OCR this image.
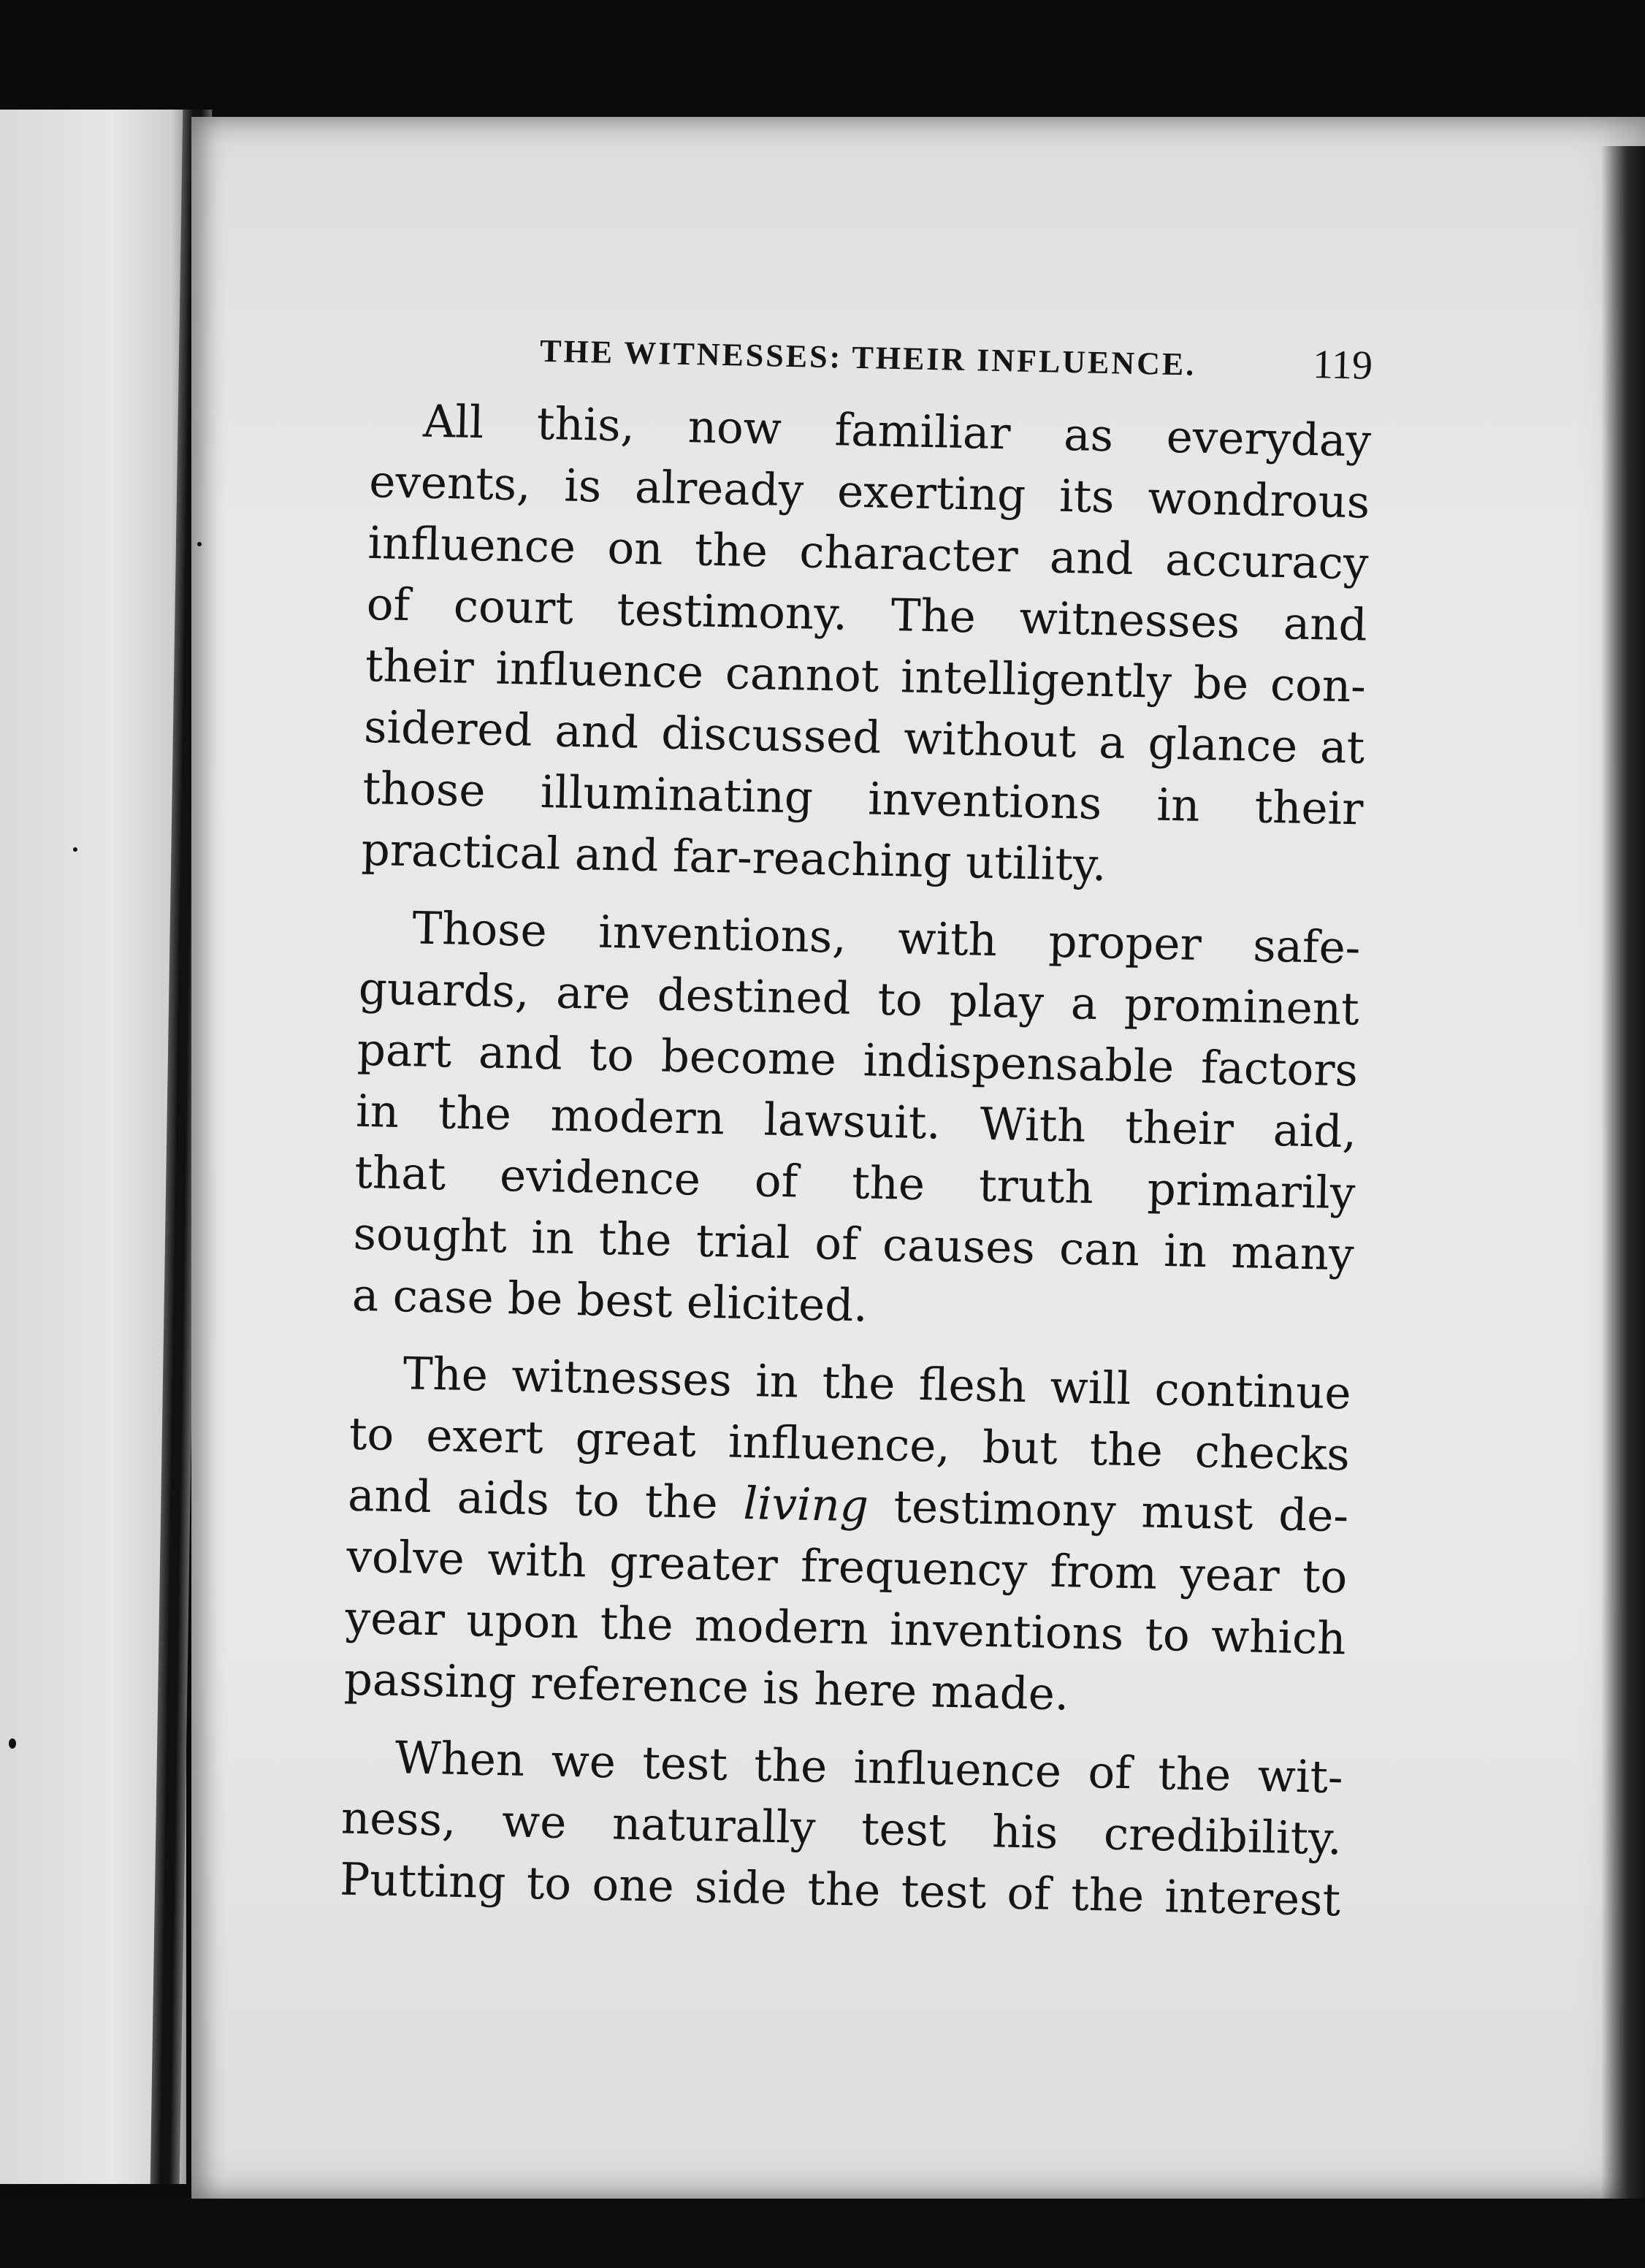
THE WITNESSES: THEIR INFLUENCE.	119
All this, now familiar as everyday
events, is already exerting its wondrous
influence on the character and accuracy
of court testimony. The witnesses and
their influence cannot intelligently be con-
sidered and discussed without a glance at
those illuminating inventions in their
practical and far-reaching utility.
Those inventions, with proper safe-
guards, are destined to play a prominent
part and to become indispensable factors
in the modern lawsuit. With their aid,
that evidence of the truth primarily
sought in the trial of causes can in many
a case be best elicited.
The witnesses in the flesh will continue
to exert great influence, but the checks
and aids to the living testimony must de-
volve with greater frequency from year to
year upon the modern inventions to which
passing reference is here made.
When we test the influence of the wit-
ness, we naturally test his credibility.
Putting to one side the test of the interest
